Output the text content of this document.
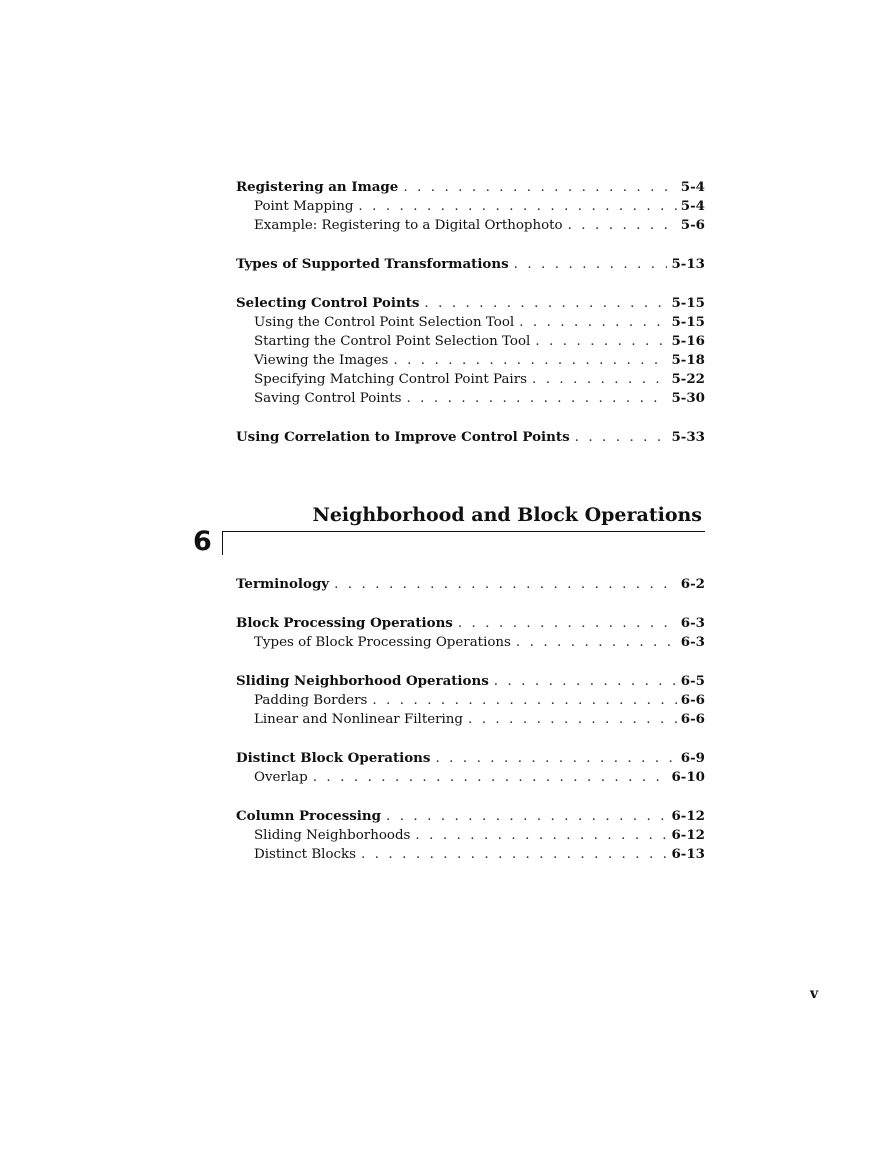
Registering an Image . . .	5-4
Point Mapping . . .	5-4
Example: Registering to a Digital Orthophoto . . .	5-6
Types of Supported Transformations . . .	5-13
Selecting Control Points . . .	5-15
Using the Control Point Selection Tool . . .	5-15
Starting the Control Point Selection Tool . . .	5-16
Viewing the Images . . .	5-18
Specifying Matching Control Point Pairs . . .	5-22
Saving Control Points . . .	5-30
Using Correlation to Improve Control Points . . .	5-33
Neighborhood and Block Operations
6
Terminology . . .	6-2
Block Processing Operations . . .	6-3
Types of Block Processing Operations . . .	6-3
Sliding Neighborhood Operations . . .	6-5
Padding Borders . . .	6-6
Linear and Nonlinear Filtering . . .	6-6
Distinct Block Operations . . .	6-9
Overlap . . .	6-10
Column Processing . . .	6-12
Sliding Neighborhoods . . .	6-12
Distinct Blocks . . .	6-13
v
